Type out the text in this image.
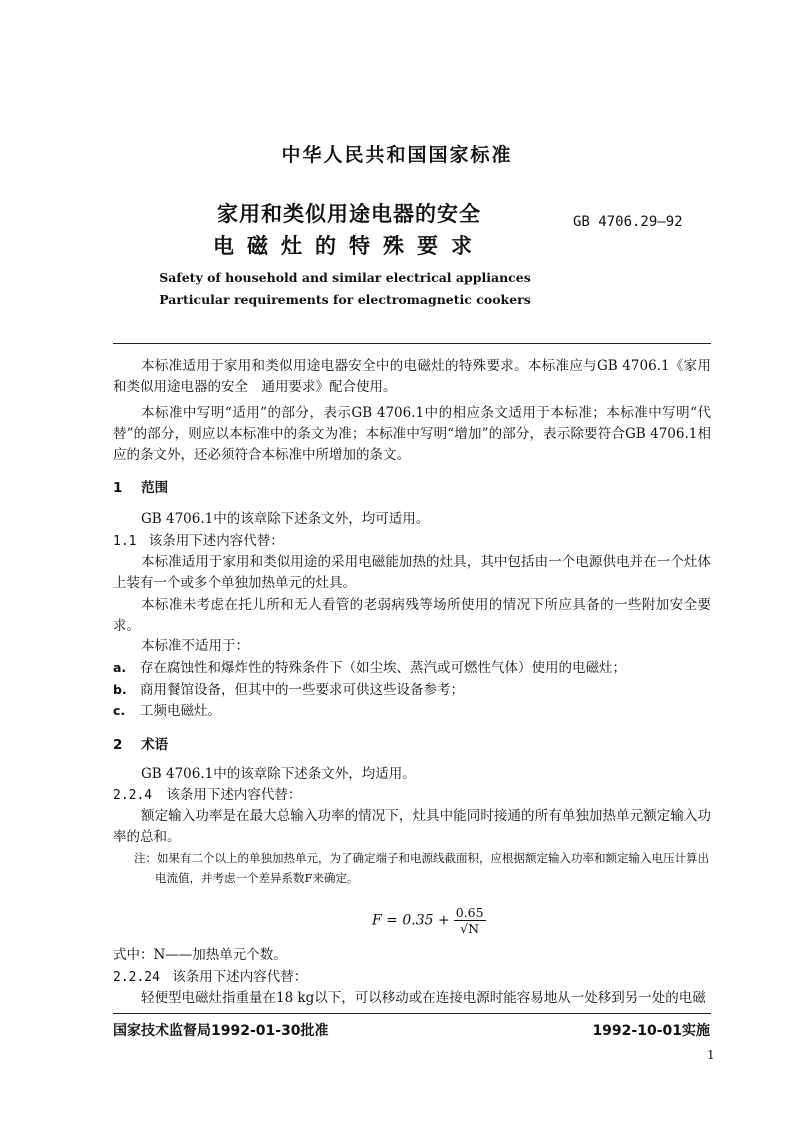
中华人民共和国国家标准
家用和类似用途电器的安全
电磁灶的特殊要求
GB 4706.29—92
Safety of household and similar electrical appliances
Particular requirements for electromagnetic cookers
本标准适用于家用和类似用途电器安全中的电磁灶的特殊要求。本标准应与GB 4706.1《家用和类似用途电器的安全　通用要求》配合使用。
本标准中写明“适用”的部分，表示GB 4706.1中的相应条文适用于本标准；本标准中写明“代替”的部分，则应以本标准中的条文为准；本标准中写明“增加”的部分，表示除要符合GB 4706.1相应的条文外，还必须符合本标准中所增加的条文。
1 范围
GB 4706.1中的该章除下述条文外，均可适用。
1.1 该条用下述内容代替：
本标准适用于家用和类似用途的采用电磁能加热的灶具，其中包括由一个电源供电并在一个灶体上装有一个或多个单独加热单元的灶具。
本标准未考虑在托儿所和无人看管的老弱病残等场所使用的情况下所应具备的一些附加安全要求。
本标准不适用于：
a. 存在腐蚀性和爆炸性的特殊条件下（如尘埃、蒸汽或可燃性气体）使用的电磁灶；
b. 商用餐馆设备，但其中的一些要求可供这些设备参考；
c. 工频电磁灶。
2 术语
GB 4706.1中的该章除下述条文外，均适用。
2.2.4 该条用下述内容代替：
额定输入功率是在最大总输入功率的情况下，灶具中能同时接通的所有单独加热单元额定输入功率的总和。
注：如果有二个以上的单独加热单元，为了确定端子和电源线截面积，应根据额定输入功率和额定输入电压计算出
电流值，并考虑一个差异系数F来确定。
$F = 0.35 + \frac{0.65}{√N}$
式中：N——加热单元个数。
2.2.24 该条用下述内容代替：
轻便型电磁灶指重量在18 kg以下，可以移动或在连接电源时能容易地从一处移到另一处的电磁
国家技术监督局1992-01-30批准	1992-10-01实施
1
